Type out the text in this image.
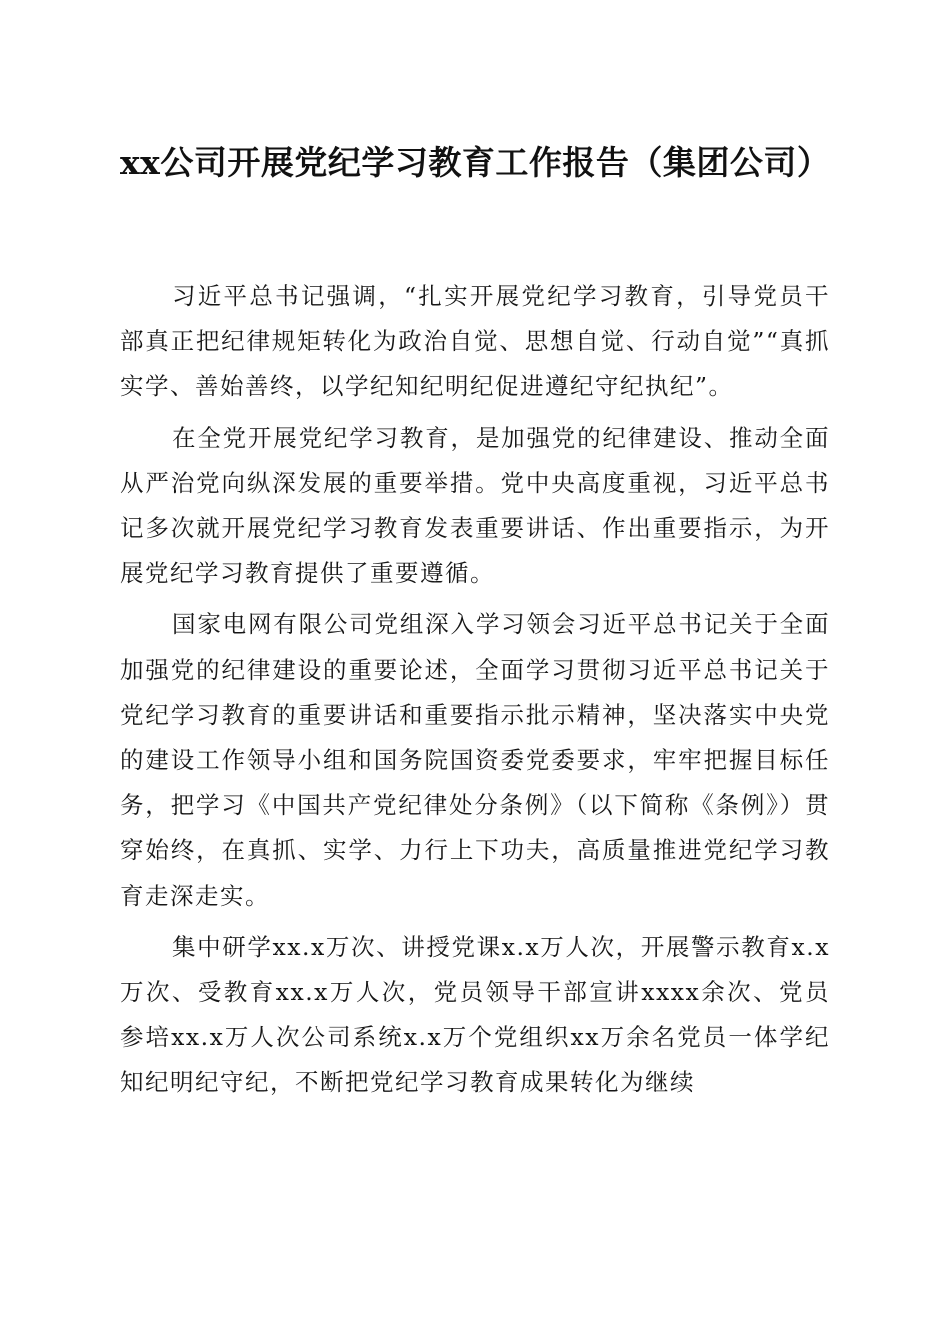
xx公司开展党纪学习教育工作报告（集团公司）

习近平总书记强调，“扎实开展党纪学习教育，引导党员干部真正把纪律规矩转化为政治自觉、思想自觉、行动自觉”“真抓实学、善始善终，以学纪知纪明纪促进遵纪守纪执纪”。

在全党开展党纪学习教育，是加强党的纪律建设、推动全面从严治党向纵深发展的重要举措。党中央高度重视，习近平总书记多次就开展党纪学习教育发表重要讲话、作出重要指示，为开展党纪学习教育提供了重要遵循。

国家电网有限公司党组深入学习领会习近平总书记关于全面加强党的纪律建设的重要论述，全面学习贯彻习近平总书记关于党纪学习教育的重要讲话和重要指示批示精神，坚决落实中央党的建设工作领导小组和国务院国资委党委要求，牢牢把握目标任务，把学习《中国共产党纪律处分条例》（以下简称《条例》）贯穿始终，在真抓、实学、力行上下功夫，高质量推进党纪学习教育走深走实。

集中研学xx.x万次、讲授党课x.x万人次，开展警示教育x.x万次、受教育xx.x万人次，党员领导干部宣讲xxxx余次、党员参培xx.x万人次公司系统x.x万个党组织xx万余名党员一体学纪知纪明纪守纪，不断把党纪学习教育成果转化为继续
